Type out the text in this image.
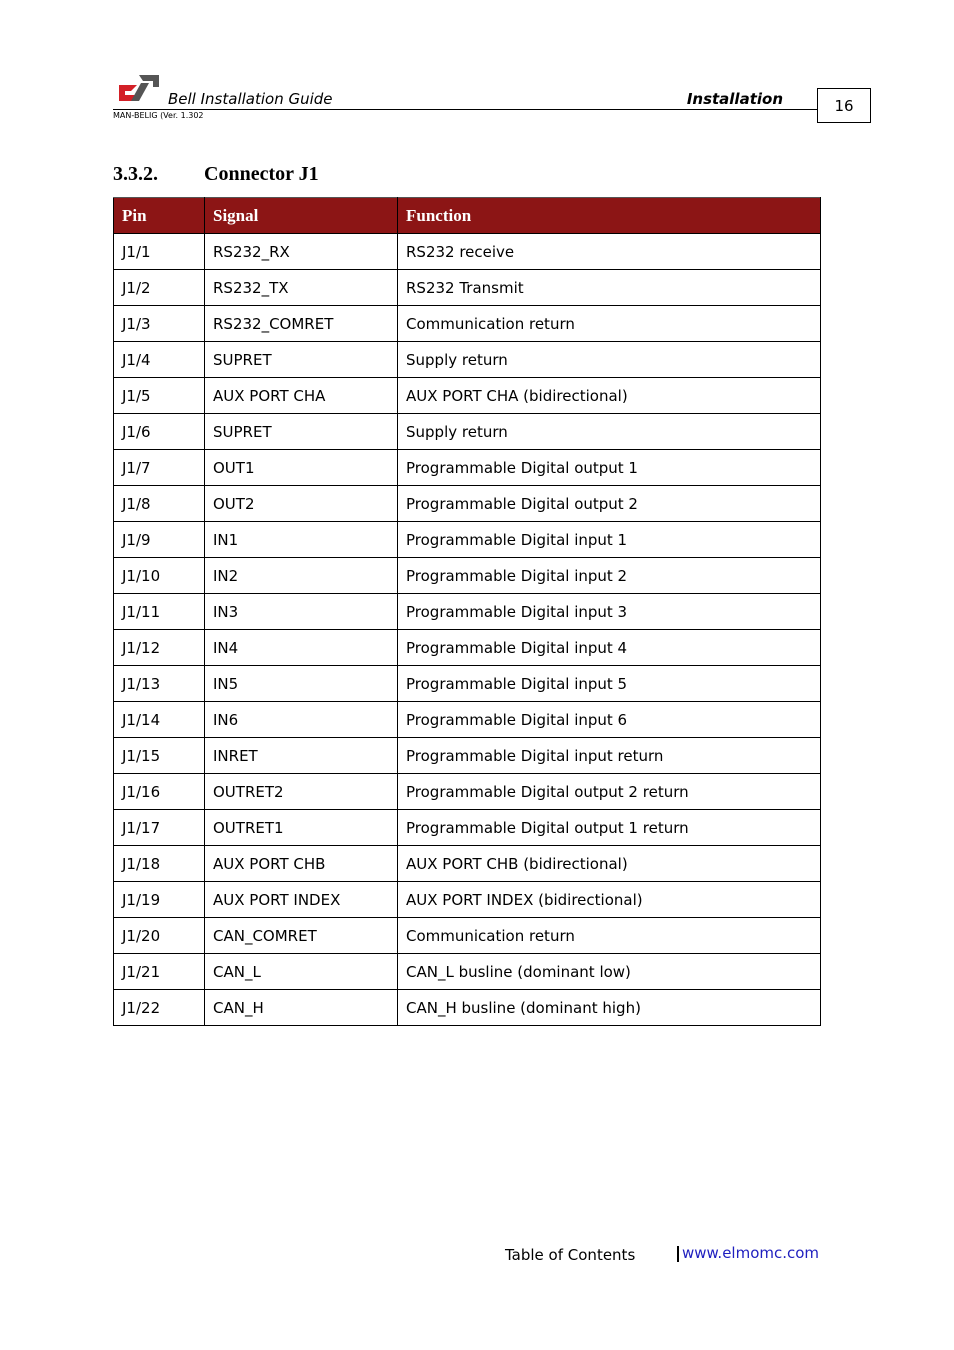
Bell Installation Guide	Installation
MAN-BELIG (Ver. 1.302
16
3.3.2. Connector J1
Pin	Signal	Function
J1/1	RS232_RX	RS232 receive
J1/2	RS232_TX	RS232 Transmit
J1/3	RS232_COMRET	Communication return
J1/4	SUPRET	Supply return
J1/5	AUX PORT CHA	AUX PORT CHA (bidirectional)
J1/6	SUPRET	Supply return
J1/7	OUT1	Programmable Digital output 1
J1/8	OUT2	Programmable Digital output 2
J1/9	IN1	Programmable Digital input 1
J1/10	IN2	Programmable Digital input 2
J1/11	IN3	Programmable Digital input 3
J1/12	IN4	Programmable Digital input 4
J1/13	IN5	Programmable Digital input 5
J1/14	IN6	Programmable Digital input 6
J1/15	INRET	Programmable Digital input return
J1/16	OUTRET2	Programmable Digital output 2 return
J1/17	OUTRET1	Programmable Digital output 1 return
J1/18	AUX PORT CHB	AUX PORT CHB (bidirectional)
J1/19	AUX PORT INDEX	AUX PORT INDEX (bidirectional)
J1/20	CAN_COMRET	Communication return
J1/21	CAN_L	CAN_L busline (dominant low)
J1/22	CAN_H	CAN_H busline (dominant high)
Table of Contents	www.elmomc.com
